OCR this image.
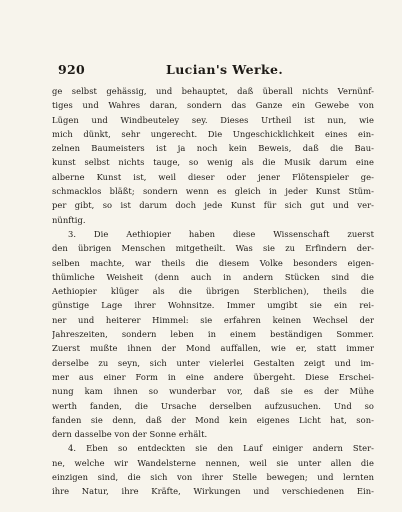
920	Lucian's Werke.
ge selbst gehässig, und behauptet, daß überall nichts Vernünf-
tiges und Wahres daran, sondern das Ganze ein Gewebe von
Lügen und Windbeuteley sey. Dieses Urtheil ist nun, wie
mich dünkt, sehr ungerecht. Die Ungeschicklichkeit eines ein-
zelnen Baumeisters ist ja noch kein Beweis, daß die Bau-
kunst selbst nichts tauge, so wenig als die Musik darum eine
alberne Kunst ist, weil dieser oder jener Flötenspieler ge-
schmacklos bläßt; sondern wenn es gleich in jeder Kunst Stüm-
per gibt, so ist darum doch jede Kunst für sich gut und ver-
nünftig.
3. Die Aethiopier haben diese Wissenschaft zuerst
den übrigen Menschen mitgetheilt. Was sie zu Erfindern der-
selben machte, war theils die diesem Volke besonders eigen-
thümliche Weisheit (denn auch in andern Stücken sind die
Aethiopier klüger als die übrigen Sterblichen), theils die
günstige Lage ihrer Wohnsitze. Immer umgibt sie ein rei-
ner und heiterer Himmel: sie erfahren keinen Wechsel der
Jahreszeiten, sondern leben in einem beständigen Sommer.
Zuerst mußte ihnen der Mond auffallen, wie er, statt immer
derselbe zu seyn, sich unter vielerlei Gestalten zeigt und im-
mer aus einer Form in eine andere übergeht. Diese Erschei-
nung kam ihnen so wunderbar vor, daß sie es der Mühe
werth fanden, die Ursache derselben aufzusuchen. Und so
fanden sie denn, daß der Mond kein eigenes Licht hat, son-
dern dasselbe von der Sonne erhält.
4. Eben so entdeckten sie den Lauf einiger andern Ster-
ne, welche wir Wandelsterne nennen, weil sie unter allen die
einzigen sind, die sich von ihrer Stelle bewegen; und lernten
ihre Natur, ihre Kräfte, Wirkungen und verschiedenen Ein-
